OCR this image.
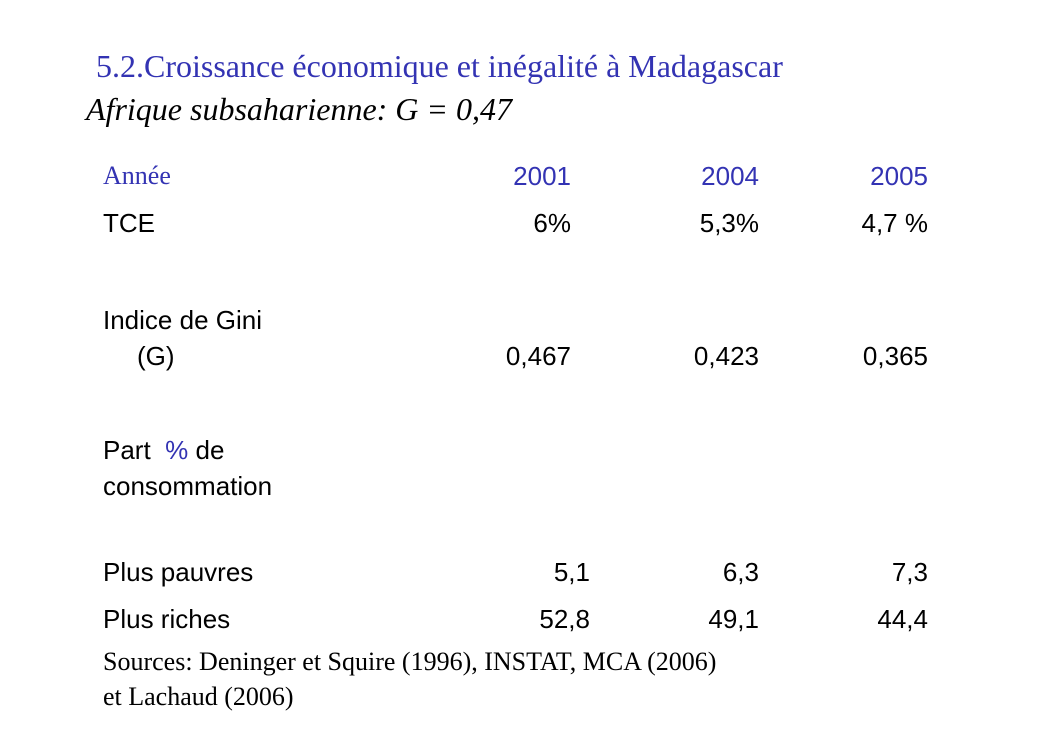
5.2.Croissance économique et inégalité à Madagascar
Afrique subsaharienne: G = 0,47
Année	2001	2004	2005
TCE	6%	5,3%	4,7 %
Indice de Gini
(G)	0,467	0,423	0,365
Part % de
consommation
Plus pauvres	5,1	6,3	7,3
Plus riches	52,8	49,1	44,4
Sources: Deninger et Squire (1996), INSTAT, MCA (2006)
et Lachaud (2006)
